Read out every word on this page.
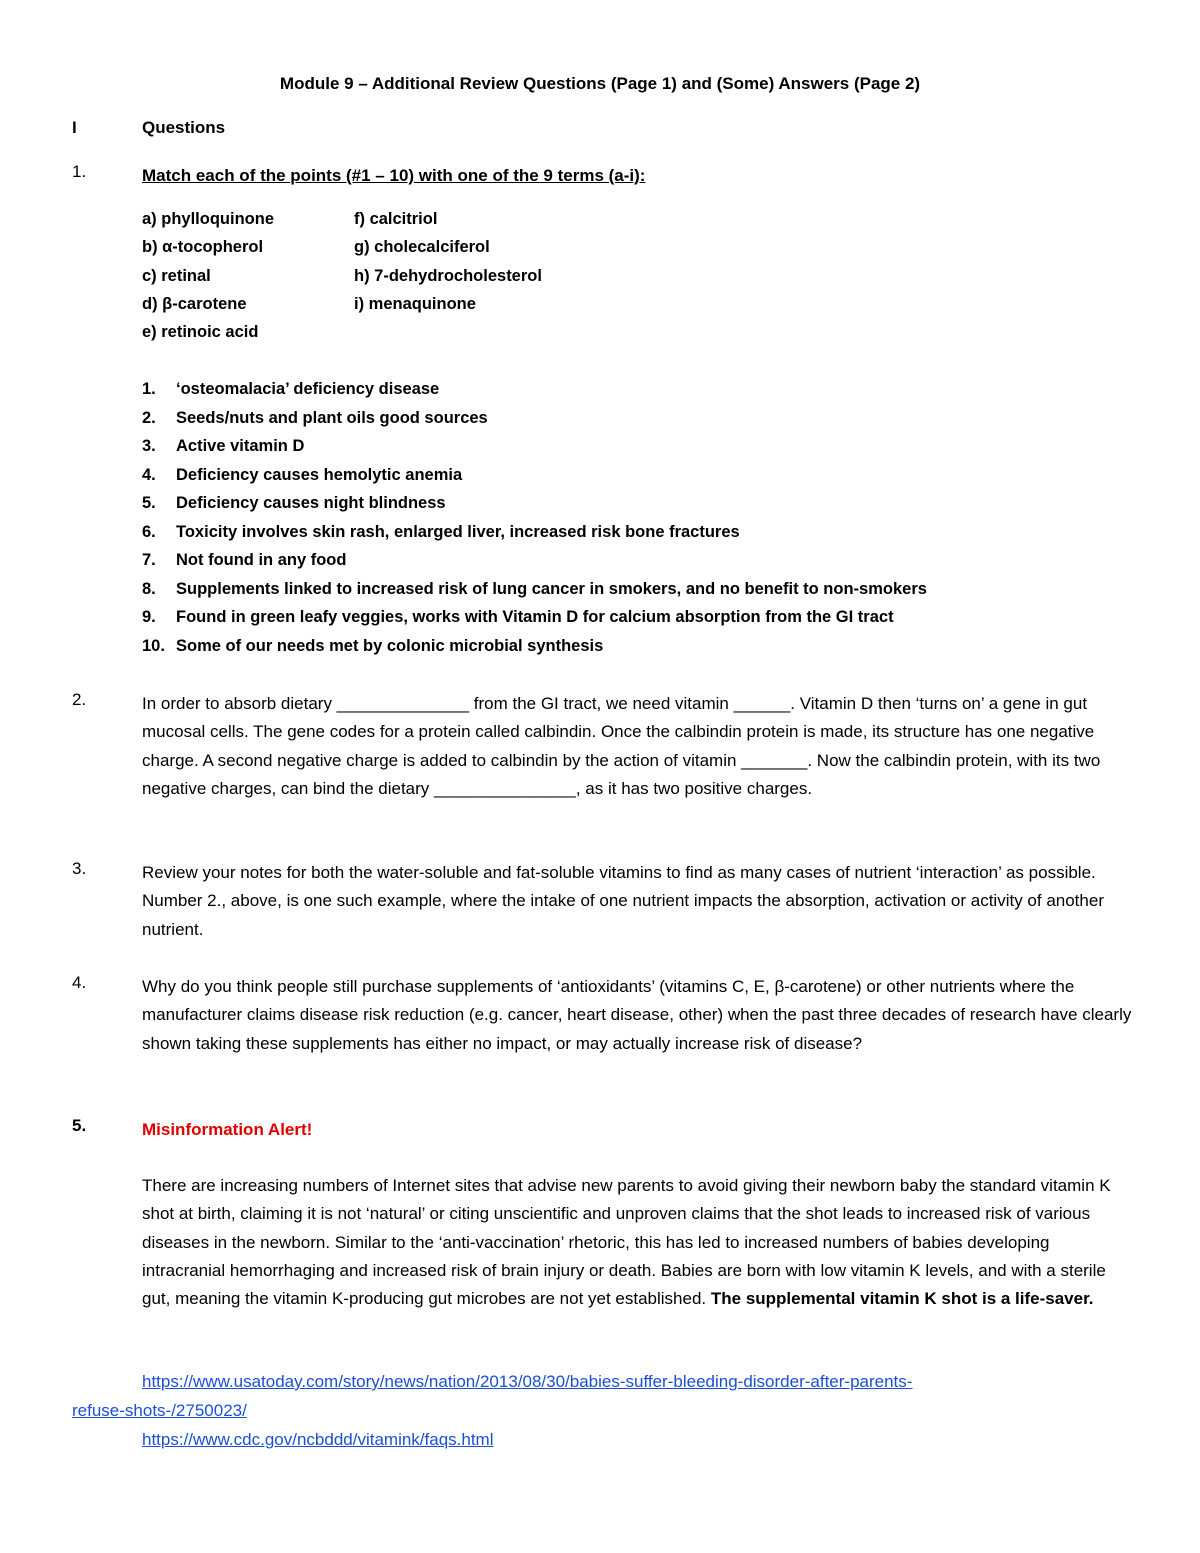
Module 9 – Additional Review Questions (Page 1) and (Some) Answers (Page 2)
I	Questions
1.	Match each of the points (#1 – 10) with one of the 9 terms (a-i):
a) phylloquinone	f) calcitriol
b) α-tocopherol	g) cholecalciferol
c) retinal	h) 7-dehydrocholesterol
d) β-carotene	i) menaquinone
e) retinoic acid
1. ‘osteomalacia’ deficiency disease
2. Seeds/nuts and plant oils good sources
3. Active vitamin D
4. Deficiency causes hemolytic anemia
5. Deficiency causes night blindness
6. Toxicity involves skin rash, enlarged liver, increased risk bone fractures
7. Not found in any food
8. Supplements linked to increased risk of lung cancer in smokers, and no benefit to non-smokers
9. Found in green leafy veggies, works with Vitamin D for calcium absorption from the GI tract
10. Some of our needs met by colonic microbial synthesis
2.	In order to absorb dietary ______________ from the GI tract, we need vitamin ______. Vitamin D then ‘turns on’ a gene in gut mucosal cells. The gene codes for a protein called calbindin. Once the calbindin protein is made, its structure has one negative charge. A second negative charge is added to calbindin by the action of vitamin _______. Now the calbindin protein, with its two negative charges, can bind the dietary _______________, as it has two positive charges.
3.	Review your notes for both the water-soluble and fat-soluble vitamins to find as many cases of nutrient ‘interaction’ as possible. Number 2., above, is one such example, where the intake of one nutrient impacts the absorption, activation or activity of another nutrient.
4.	Why do you think people still purchase supplements of ‘antioxidants’ (vitamins C, E, β-carotene) or other nutrients where the manufacturer claims disease risk reduction (e.g. cancer, heart disease, other) when the past three decades of research have clearly shown taking these supplements has either no impact, or may actually increase risk of disease?
5.	Misinformation Alert!
There are increasing numbers of Internet sites that advise new parents to avoid giving their newborn baby the standard vitamin K shot at birth, claiming it is not ‘natural’ or citing unscientific and unproven claims that the shot leads to increased risk of various diseases in the newborn. Similar to the ‘anti-vaccination’ rhetoric, this has led to increased numbers of babies developing intracranial hemorrhaging and increased risk of brain injury or death. Babies are born with low vitamin K levels, and with a sterile gut, meaning the vitamin K-producing gut microbes are not yet established. The supplemental vitamin K shot is a life-saver.
https://www.usatoday.com/story/news/nation/2013/08/30/babies-suffer-bleeding-disorder-after-parents-
refuse-shots-/2750023/
https://www.cdc.gov/ncbddd/vitamink/faqs.html
